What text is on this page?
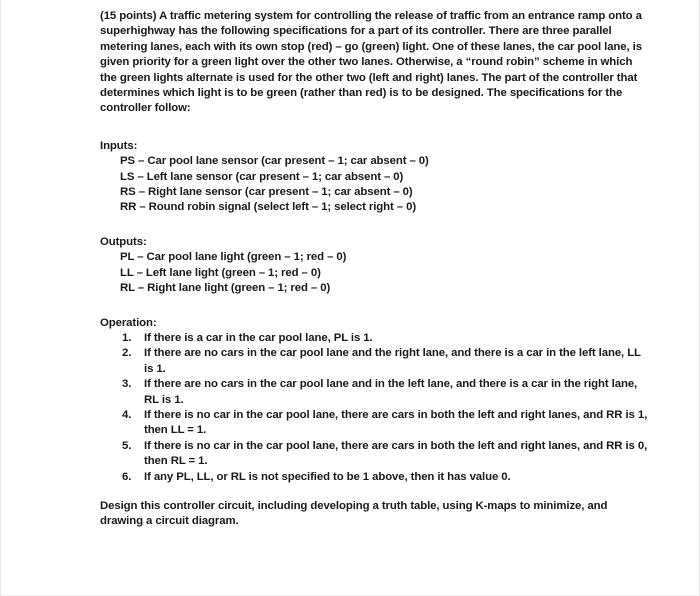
(15 points) A traffic metering system for controlling the release of traffic from an entrance ramp onto a

superhighway has the following specifications for a part of its controller. There are three parallel

metering lanes, each with its own stop (red) – go (green) light. One of these lanes, the car pool lane, is

given priority for a green light over the other two lanes. Otherwise, a “round robin” scheme in which

the green lights alternate is used for the other two (left and right) lanes. The part of the controller that

determines which light is to be green (rather than red) is to be designed. The specifications for the

controller follow:

Inputs:

PS – Car pool lane sensor (car present – 1; car absent – 0)
LS – Left lane sensor (car present – 1; car absent – 0)
RS – Right lane sensor (car present – 1; car absent – 0)
RR – Round robin signal (select left – 1; select right – 0)

Outputs:

PL – Car pool lane light (green – 1; red – 0)
LL – Left lane light (green – 1; red – 0)
RL – Right lane light (green – 1; red – 0)

Operation:

1. If there is a car in the car pool lane, PL is 1.
2. If there are no cars in the car pool lane and the right lane, and there is a car in the left lane, LL
is 1.
3. If there are no cars in the car pool lane and in the left lane, and there is a car in the right lane,
RL is 1.
4. If there is no car in the car pool lane, there are cars in both the left and right lanes, and RR is 1,
then LL = 1.
5. If there is no car in the car pool lane, there are cars in both the left and right lanes, and RR is 0,
then RL = 1.
6. If any PL, LL, or RL is not specified to be 1 above, then it has value 0.
Design this controller circuit, including developing a truth table, using K-maps to minimize, and
drawing a circuit diagram.
